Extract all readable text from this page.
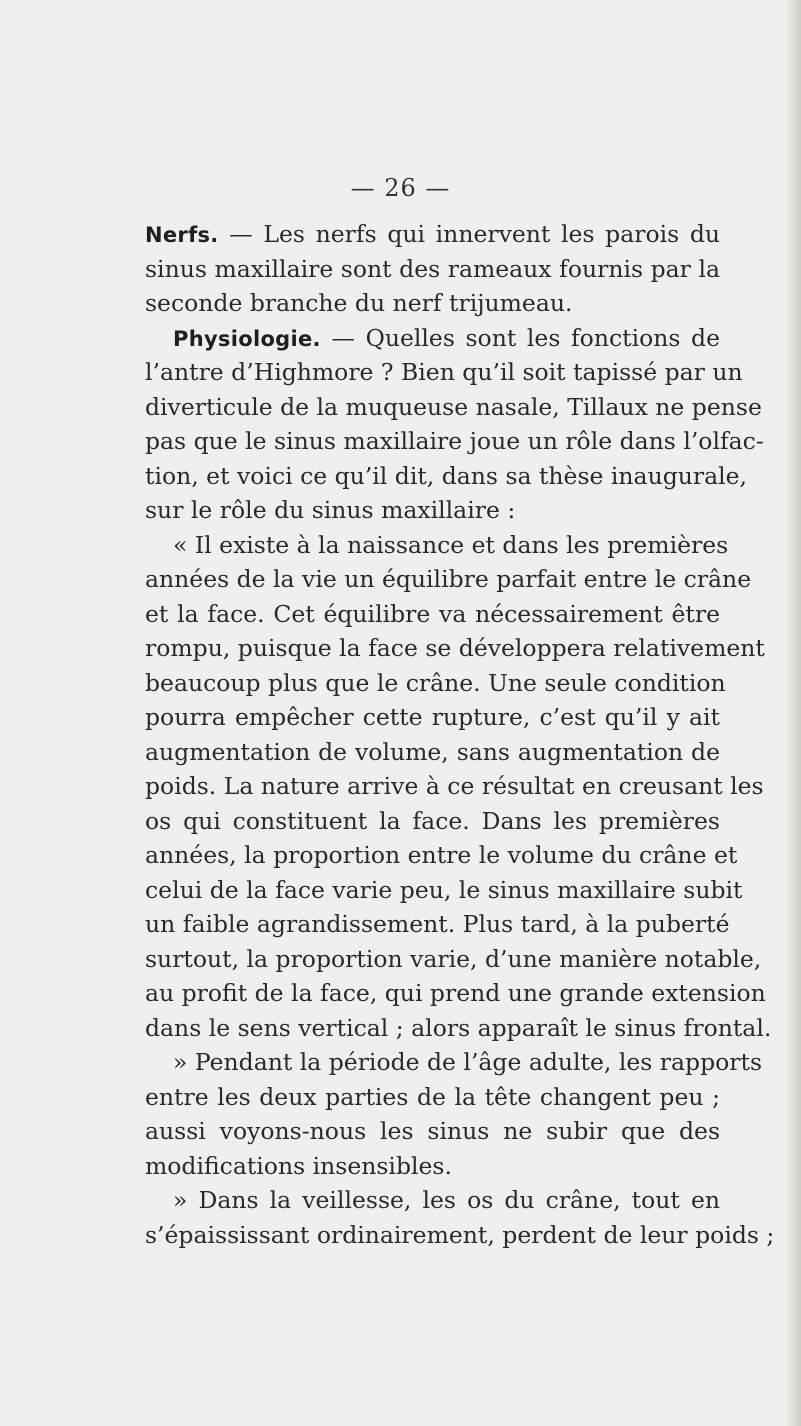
— 26 —
Nerfs. — Les nerfs qui innervent les parois du
sinus maxillaire sont des rameaux fournis par la
seconde branche du nerf trijumeau.
Physiologie. — Quelles sont les fonctions de
l’antre d’Highmore ? Bien qu’il soit tapissé par un
diverticule de la muqueuse nasale, Tillaux ne pense
pas que le sinus maxillaire joue un rôle dans l’olfac-
tion, et voici ce qu’il dit, dans sa thèse inaugurale,
sur le rôle du sinus maxillaire :
« Il existe à la naissance et dans les premières
années de la vie un équilibre parfait entre le crâne
et la face. Cet équilibre va nécessairement être
rompu, puisque la face se développera relativement
beaucoup plus que le crâne. Une seule condition
pourra empêcher cette rupture, c’est qu’il y ait
augmentation de volume, sans augmentation de
poids. La nature arrive à ce résultat en creusant les
os qui constituent la face. Dans les premières
années, la proportion entre le volume du crâne et
celui de la face varie peu, le sinus maxillaire subit
un faible agrandissement. Plus tard, à la puberté
surtout, la proportion varie, d’une manière notable,
au profit de la face, qui prend une grande extension
dans le sens vertical ; alors apparaît le sinus frontal.
» Pendant la période de l’âge adulte, les rapports
entre les deux parties de la tête changent peu ;
aussi voyons-nous les sinus ne subir que des
modifications insensibles.
» Dans la veillesse, les os du crâne, tout en
s’épaississant ordinairement, perdent de leur poids ;
